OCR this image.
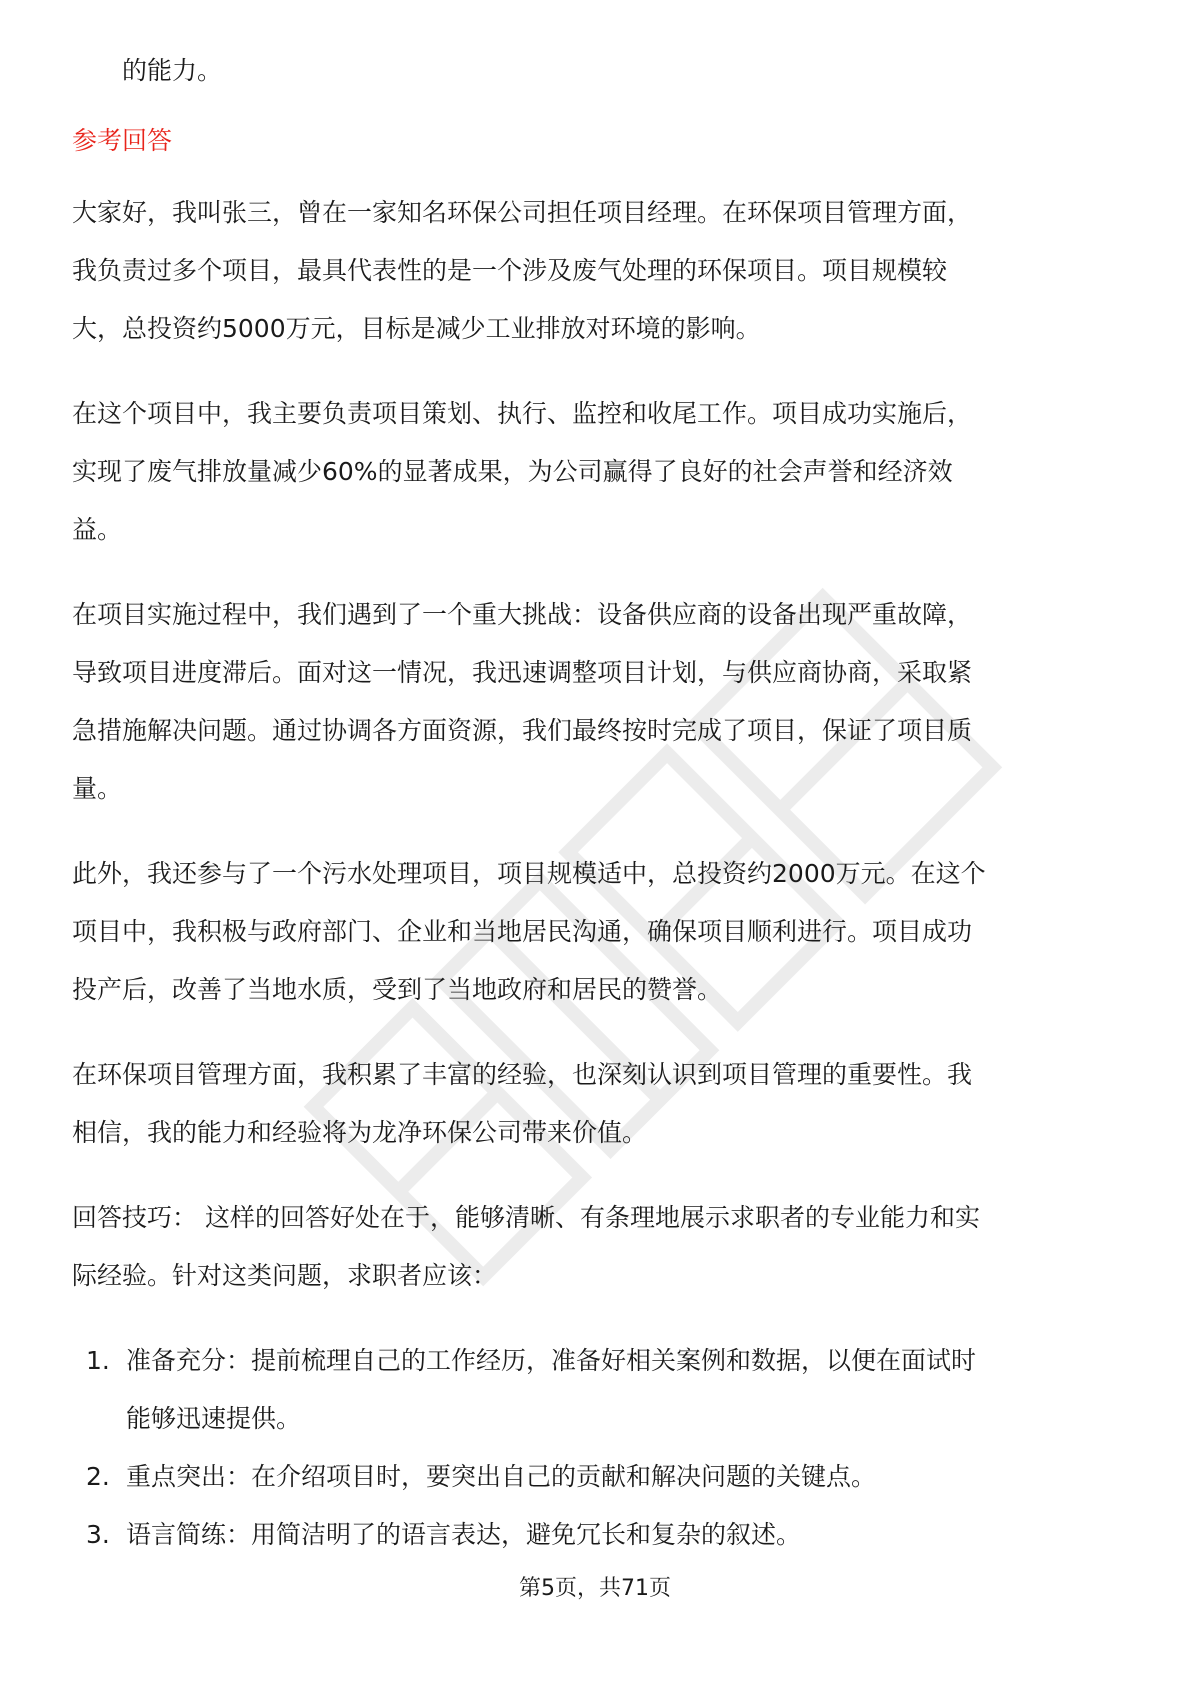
的能力。
参考回答
大家好，我叫张三，曾在一家知名环保公司担任项目经理。在环保项目管理方面，
我负责过多个项目，最具代表性的是一个涉及废气处理的环保项目。项目规模较
大，总投资约5000万元，目标是减少工业排放对环境的影响。
在这个项目中，我主要负责项目策划、执行、监控和收尾工作。项目成功实施后，
实现了废气排放量减少60%的显著成果，为公司赢得了良好的社会声誉和经济效
益。
在项目实施过程中，我们遇到了一个重大挑战：设备供应商的设备出现严重故障，
导致项目进度滞后。面对这一情况，我迅速调整项目计划，与供应商协商，采取紧
急措施解决问题。通过协调各方面资源，我们最终按时完成了项目，保证了项目质
量。
此外，我还参与了一个污水处理项目，项目规模适中，总投资约2000万元。在这个
项目中，我积极与政府部门、企业和当地居民沟通，确保项目顺利进行。项目成功
投产后，改善了当地水质，受到了当地政府和居民的赞誉。
在环保项目管理方面，我积累了丰富的经验，也深刻认识到项目管理的重要性。我
相信，我的能力和经验将为龙净环保公司带来价值。
回答技巧： 这样的回答好处在于，能够清晰、有条理地展示求职者的专业能力和实
际经验。针对这类问题，求职者应该：
1. 准备充分：提前梳理自己的工作经历，准备好相关案例和数据，以便在面试时
能够迅速提供。
2. 重点突出：在介绍项目时，要突出自己的贡献和解决问题的关键点。
3. 语言简练：用简洁明了的语言表达，避免冗长和复杂的叙述。
第5页，共71页
